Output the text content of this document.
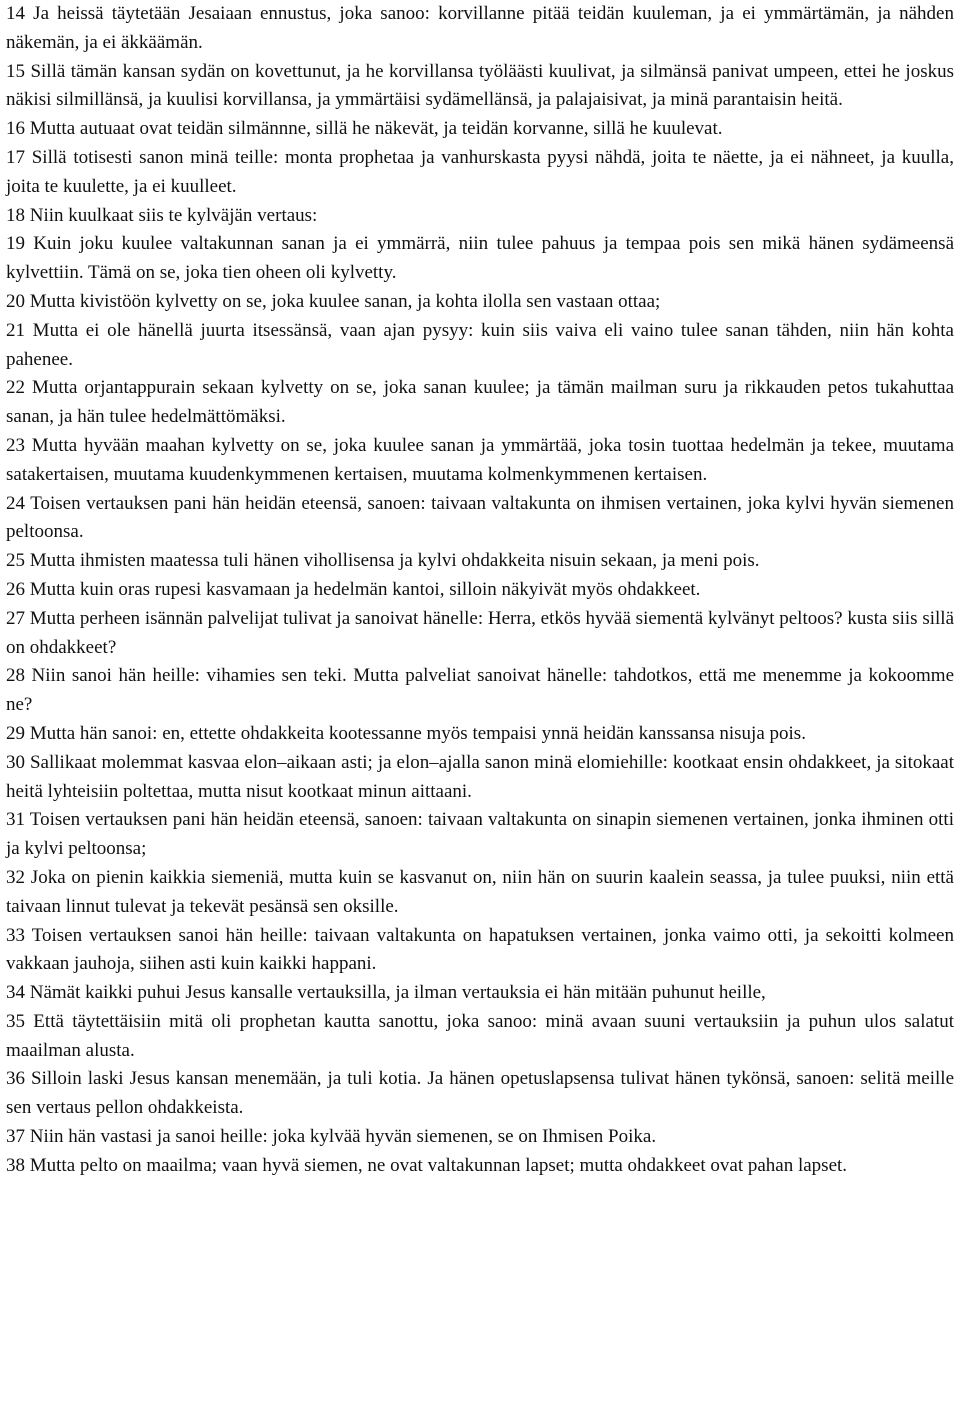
14 Ja heissä täytetään Jesaiaan ennustus, joka sanoo: korvillanne pitää teidän kuuleman, ja ei ymmärtämän, ja nähden näkemän, ja ei äkkäämän.

15 Sillä tämän kansan sydän on kovettunut, ja he korvillansa työläästi kuulivat, ja silmänsä panivat umpeen, ettei he joskus näkisi silmillänsä, ja kuulisi korvillansa, ja ymmärtäisi sydämellänsä, ja palajaisivat, ja minä parantaisin heitä.

16 Mutta autuaat ovat teidän silmännne, sillä he näkevät, ja teidän korvanne, sillä he kuulevat.

17 Sillä totisesti sanon minä teille: monta prophetaa ja vanhurskasta pyysi nähdä, joita te näette, ja ei nähneet, ja kuulla, joita te kuulette, ja ei kuulleet.

18 Niin kuulkaat siis te kylväjän vertaus:

19 Kuin joku kuulee valtakunnan sanan ja ei ymmärrä, niin tulee pahuus ja tempaa pois sen mikä hänen sydämeensä kylvettiin. Tämä on se, joka tien oheen oli kylvetty.

20 Mutta kivistöön kylvetty on se, joka kuulee sanan, ja kohta ilolla sen vastaan ottaa;

21 Mutta ei ole hänellä juurta itsessänsä, vaan ajan pysyy: kuin siis vaiva eli vaino tulee sanan tähden, niin hän kohta pahenee.

22 Mutta orjantappurain sekaan kylvetty on se, joka sanan kuulee; ja tämän mailman suru ja rikkauden petos tukahuttaa sanan, ja hän tulee hedelmättömäksi.

23 Mutta hyvään maahan kylvetty on se, joka kuulee sanan ja ymmärtää, joka tosin tuottaa hedelmän ja tekee, muutama satakertaisen, muutama kuudenkymmenen kertaisen, muutama kolmenkymmenen kertaisen.

24 Toisen vertauksen pani hän heidän eteensä, sanoen: taivaan valtakunta on ihmisen vertainen, joka kylvi hyvän siemenen peltoonsa.

25 Mutta ihmisten maatessa tuli hänen vihollisensa ja kylvi ohdakkeita nisuin sekaan, ja meni pois.

26 Mutta kuin oras rupesi kasvamaan ja hedelmän kantoi, silloin näkyivät myös ohdakkeet.

27 Mutta perheen isännän palvelijat tulivat ja sanoivat hänelle: Herra, etkös hyvää siementä kylvänyt peltoos? kusta siis sillä on ohdakkeet?

28 Niin sanoi hän heille: vihamies sen teki. Mutta palveliat sanoivat hänelle: tahdotkos, että me menemme ja kokoomme ne?

29 Mutta hän sanoi: en, ettette ohdakkeita kootessanne myös tempaisi ynnä heidän kanssansa nisuja pois.

30 Sallikaat molemmat kasvaa elon–aikaan asti; ja elon–ajalla sanon minä elomiehille: kootkaat ensin ohdakkeet, ja sitokaat heitä lyhteisiin poltettaa, mutta nisut kootkaat minun aittaani.

31 Toisen vertauksen pani hän heidän eteensä, sanoen: taivaan valtakunta on sinapin siemenen vertainen, jonka ihminen otti ja kylvi peltoonsa;

32 Joka on pienin kaikkia siemeniä, mutta kuin se kasvanut on, niin hän on suurin kaalein seassa, ja tulee puuksi, niin että taivaan linnut tulevat ja tekevät pesänsä sen oksille.

33 Toisen vertauksen sanoi hän heille: taivaan valtakunta on hapatuksen vertainen, jonka vaimo otti, ja sekoitti kolmeen vakkaan jauhoja, siihen asti kuin kaikki happani.

34 Nämät kaikki puhui Jesus kansalle vertauksilla, ja ilman vertauksia ei hän mitään puhunut heille,

35 Että täytettäisiin mitä oli prophetan kautta sanottu, joka sanoo: minä avaan suuni vertauksiin ja puhun ulos salatut maailman alusta.

36 Silloin laski Jesus kansan menemään, ja tuli kotia. Ja hänen opetuslapsensa tulivat hänen tykönsä, sanoen: selitä meille sen vertaus pellon ohdakkeista.

37 Niin hän vastasi ja sanoi heille: joka kylvää hyvän siemenen, se on Ihmisen Poika.

38 Mutta pelto on maailma; vaan hyvä siemen, ne ovat valtakunnan lapset; mutta ohdakkeet ovat pahan lapset.
